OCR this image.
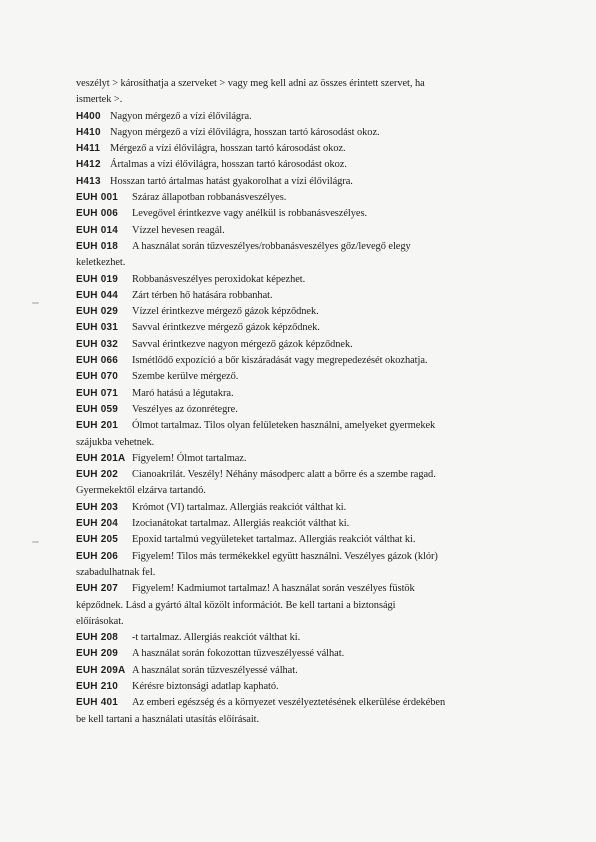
veszélyt > károsíthatja a szerveket > vagy meg kell adni az összes érintett szervet, ha
ismertek >.
H400 Nagyon mérgező a vízi élővilágra.
H410 Nagyon mérgező a vízi élővilágra, hosszan tartó károsodást okoz.
H411 Mérgező a vízi élővilágra, hosszan tartó károsodást okoz.
H412 Ártalmas a vízi élővilágra, hosszan tartó károsodást okoz.
H413 Hosszan tartó ártalmas hatást gyakorolhat a vízi élővilágra.
EUH 001 Száraz állapotban robbanásveszélyes.
EUH 006 Levegővel érintkezve vagy anélkül is robbanásveszélyes.
EUH 014 Vízzel hevesen reagál.
EUH 018 A használat során tűzveszélyes/robbanásveszélyes gőz/levegő elegy
keletkezhet.
EUH 019 Robbanásveszélyes peroxidokat képezhet.
EUH 044 Zárt térben hő hatására robbanhat.
EUH 029 Vízzel érintkezve mérgező gázok képződnek.
EUH 031 Savval érintkezve mérgező gázok képződnek.
EUH 032 Savval érintkezve nagyon mérgező gázok képződnek.
EUH 066 Ismétlődő expozíció a bőr kiszáradását vagy megrepedezését okozhatja.
EUH 070 Szembe kerülve mérgező.
EUH 071 Maró hatású a légutakra.
EUH 059 Veszélyes az ózonrétegre.
EUH 201 Ólmot tartalmaz. Tilos olyan felületeken használni, amelyeket gyermekek
szájukba vehetnek.
EUH 201A Figyelem! Ólmot tartalmaz.
EUH 202 Cianoakrilát. Veszély! Néhány másodperc alatt a bőrre és a szembe ragad.
Gyermekektől elzárva tartandó.
EUH 203 Krómot (VI) tartalmaz. Allergiás reakciót válthat ki.
EUH 204 Izocianátokat tartalmaz. Allergiás reakciót válthat ki.
EUH 205 Epoxid tartalmú vegyületeket tartalmaz. Allergiás reakciót válthat ki.
EUH 206 Figyelem! Tilos más termékekkel együtt használni. Veszélyes gázok (klór)
szabadulhatnak fel.
EUH 207 Figyelem! Kadmiumot tartalmaz! A használat során veszélyes füstök
képződnek. Lásd a gyártó által közölt információt. Be kell tartani a biztonsági
előírásokat.
EUH 208 -t tartalmaz. Allergiás reakciót válthat ki.
EUH 209 A használat során fokozottan tűzveszélyessé válhat.
EUH 209A A használat során tűzveszélyessé válhat.
EUH 210 Kérésre biztonsági adatlap kapható.
EUH 401 Az emberi egészség és a környezet veszélyeztetésének elkerülése érdekében
be kell tartani a használati utasítás előírásait.
